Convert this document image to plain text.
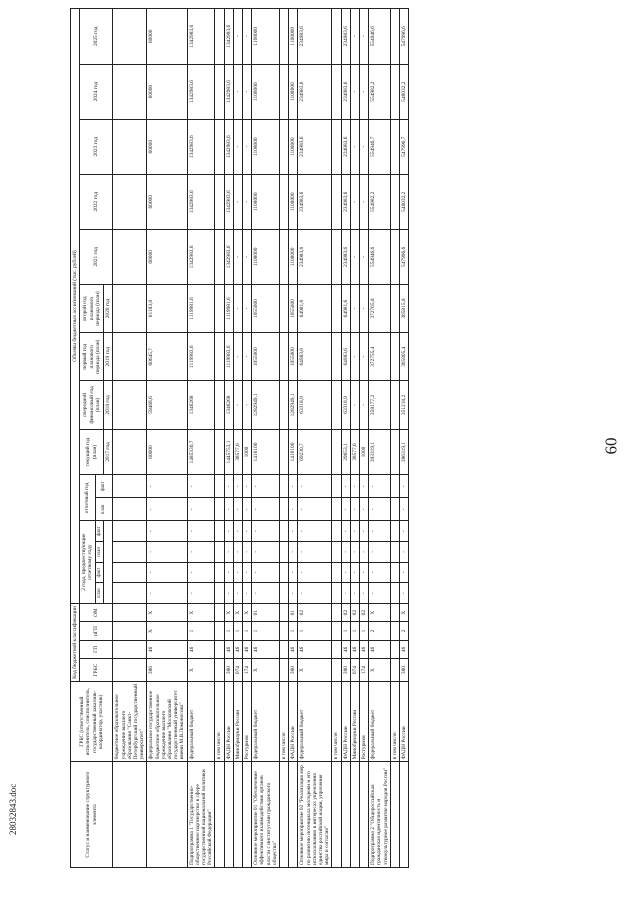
60
28032843.doc	Статус и наименование структурного элемента	ГРБС (ответственный исполнитель, соисполнитель, государственный заказчик-координатор, участник)	Код бюджетной классификации				Объемы бюджетных ассигнований (тыс. рублей)														
		ГРБС	ГП	пГП	ОМ	2 года, предшествующие отчетному году				отчетный год		текущий год (план)	очередной финансовый год (план)	первый год планового периода (план)	второй год планового периода (план)	2021 год	2022 год	2023 год	2024 год	2025 год
						план	факт	план	факт	план	факт									
												2017 год	2018 год	2019 год	2020 год					
	бюджетное образовательное учреждение высшего образования "Санкт-Петербургский государственный университет"																			
	федеральное государственное бюджетное образовательное учреждение высшего образования "Московский государственный университет имени М.В.Ломоносова"	386	46	Х	Х	-	-	-	-	-	-	60000	59468,6	60645,7	61183,8	60000	60000	60000	60000	60000
Подпрограмма 1 "Государственно-общественное партнерство в сфере государственной национальной политики Российской Федерации"	федеральный бюджет	Х	46	1	Х	-	-	-	-	-	-	1485330,7	1346268	1119983,6	1119981,6	1342983,6	1342983,6	1342983,6	1342983,6	1342983,6
	в том числе:																			
	ФАДН России	380	46	1	Х	-	-	-	-	-	-	1445753,1	1346268	1119983,6	1119981,6	1342983,6	1342983,6	1342983,6	1342983,6	1342983,6
	Минобрнауки России	074	46	1	Х	-	-	-	-	-	-	38577,6	-	-	-	-	-	-	-	-
	Росгуризм	174	46	1	Х	-	-	-	-	-	-	1000	-	-	-	-	-	-	-	-
Основное мероприятие 01 "Обеспечение эффективного взаимодействия органов власти с институтами гражданского общества"	федеральный бюджет	Х	46	1	01	-	-	-	-	-	-	1416100	1282949,1	1055000	1055000	1108000	1108000	1108000	1108000	1108000
	в том числе:																			
	ФАДН России	380	46	1	01	-	-	-	-	-	-	1416100	1282949,1	1055000	1055000	1108000	1108000	1108000	1108000	1108000
Основное мероприятие 02 "Реализация мер по развитию потенциала молодежи и его использованию в интересах укрепления единства российской нации, упрочения мира и согласия"	федеральный бюджет	Х	46	1	02	-	-	-	-	-	-	69230,7	63318,9	64983,6	64981,6	234983,6	234983,6	234983,6	234983,6	234983,6
	в том числе:																			
	ФАДН России	380	46	1	02	-	-	-	-	-	-	29653,1	63318,9	64983,6	64981,6	234983,6	234983,6	234983,6	234983,6	234983,6
	Минобрнауки России	074	46	1	02	-	-	-	-	-	-	38577,6	-	-	-	-	-	-	-	-
	Росгуризм	174	46	1	02	-	-	-	-	-	-	1000	-	-	-	-	-	-	-	-
Подпрограмма 2 "Общероссийская гражданская идентичность и этнокультурное развитие народов России"	федеральный бюджет	Х	46	2	Х	-	-	-	-	-	-	393319,1	358177,2	372755,4	372765,8	554946,6	554982,2	554946,7	554982,2	554946,6
	в том числе:																			
	ФАДН России	380	46	2	Х	-	-	-	-	-	-	386319,1	351218,2	365805,4	365815,8	547996,6	548032,2	547996,7	548032,2	547996,6
